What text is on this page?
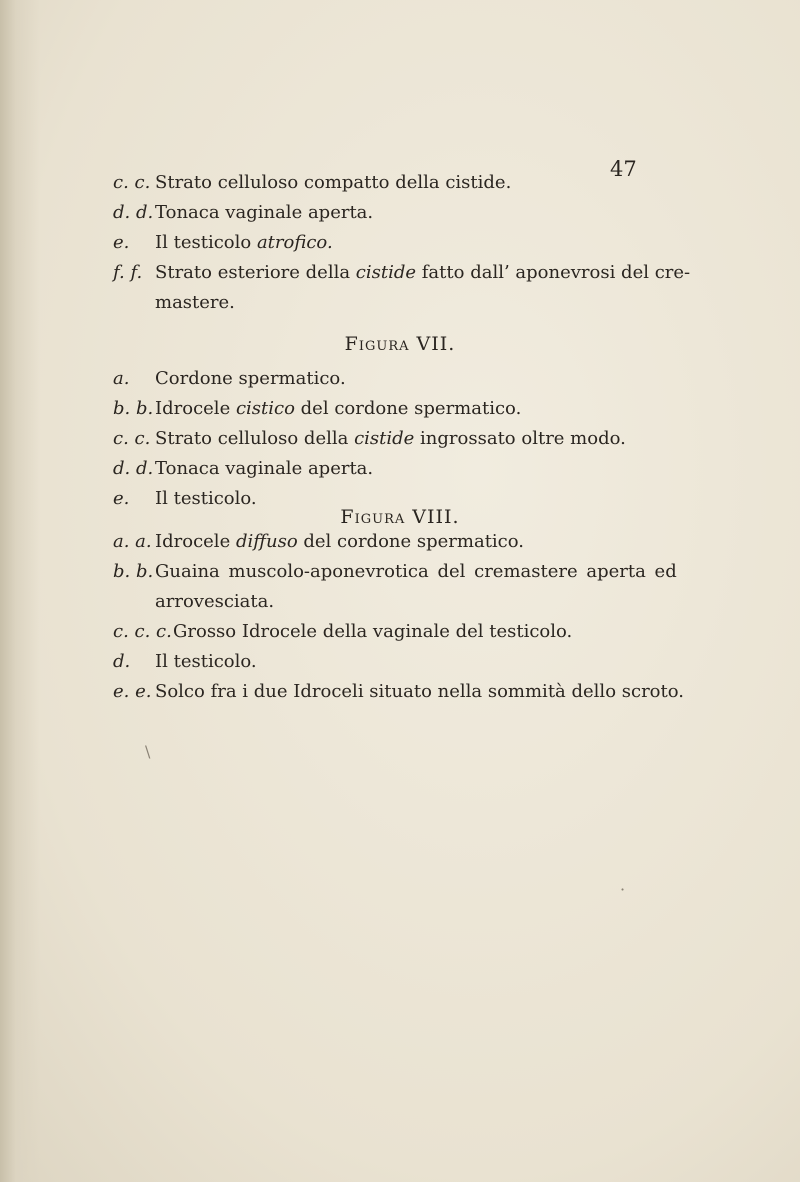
47
c. c. Strato celluloso compatto della cistide.
d. d. Tonaca vaginale aperta.
e. Il testicolo atrofico.
f. f. Strato esteriore della cistide fatto dall’ aponevrosi del cre-
mastere.
Figura VII.
a. Cordone spermatico.
b. b. Idrocele cistico del cordone spermatico.
c. c. Strato celluloso della cistide ingrossato oltre modo.
d. d. Tonaca vaginale aperta.
e. Il testicolo.
Figura VIII.
a. a. Idrocele diffuso del cordone spermatico.
b. b. Guaina muscolo-aponevrotica del cremastere aperta ed
arrovesciata.
c. c. c. Grosso Idrocele della vaginale del testicolo.
d. Il testicolo.
e. e. Solco fra i due Idroceli situato nella sommità dello scroto.
\
·
